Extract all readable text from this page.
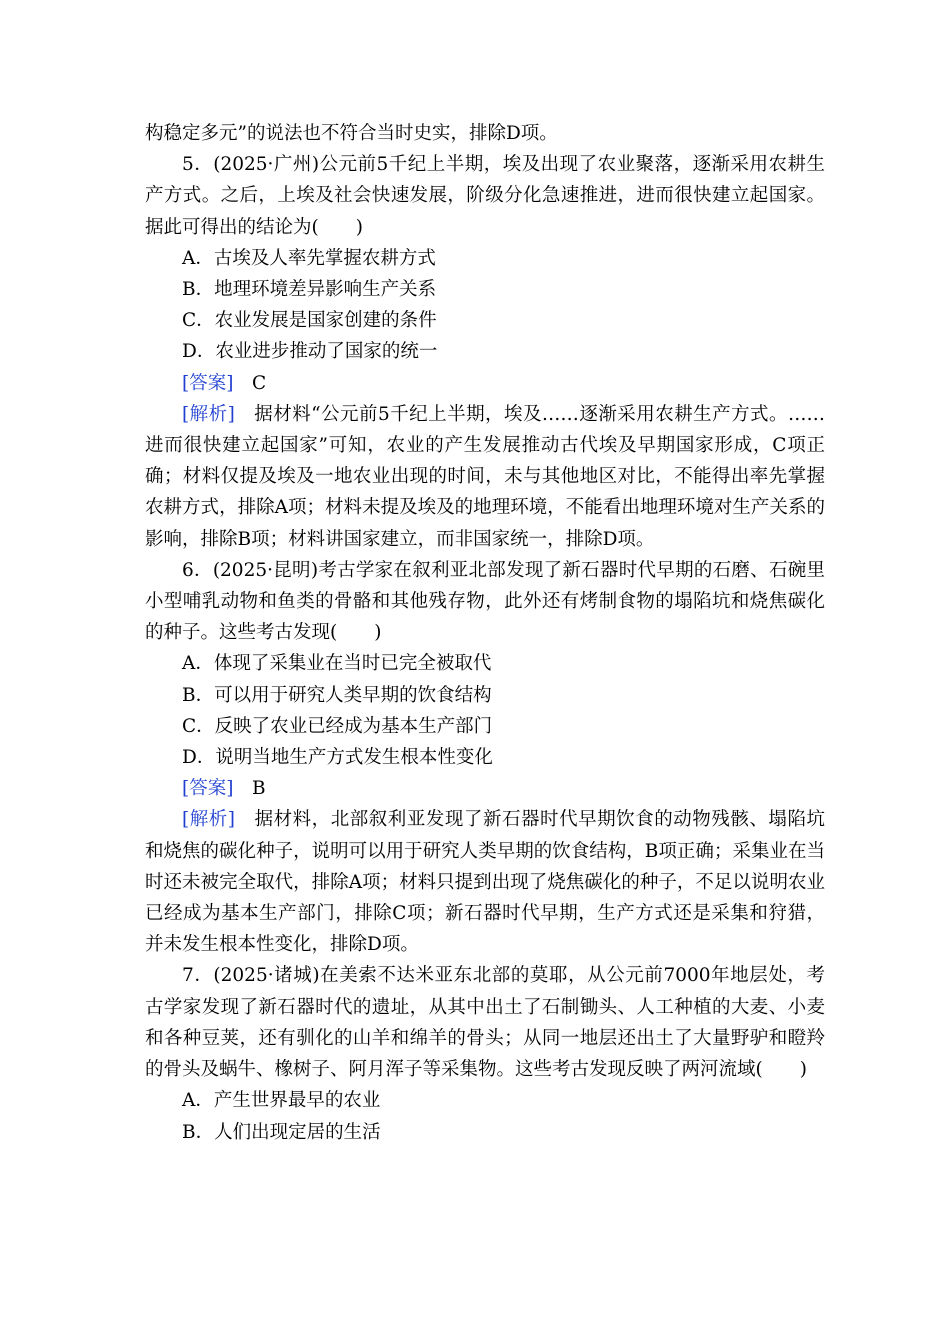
构稳定多元”的说法也不符合当时史实，排除D项。

5．(2025·广州)公元前5千纪上半期，埃及出现了农业聚落，逐渐采用农耕生产方式。之后，上埃及社会快速发展，阶级分化急速推进，进而很快建立起国家。据此可得出的结论为(　　)

A．古埃及人率先掌握农耕方式

B．地理环境差异影响生产关系

C．农业发展是国家创建的条件

D．农业进步推动了国家的统一

[答案]　 C

[解析]　 据材料“公元前5千纪上半期，埃及……逐渐采用农耕生产方式。……进而很快建立起国家”可知，农业的产生发展推动古代埃及早期国家形成，C项正确；材料仅提及埃及一地农业出现的时间，未与其他地区对比，不能得出率先掌握农耕方式，排除A项；材料未提及埃及的地理环境，不能看出地理环境对生产关系的影响，排除B项；材料讲国家建立，而非国家统一，排除D项。

6．(2025·昆明)考古学家在叙利亚北部发现了新石器时代早期的石磨、石碗里小型哺乳动物和鱼类的骨骼和其他残存物，此外还有烤制食物的塌陷坑和烧焦碳化的种子。这些考古发现(　　)

A．体现了采集业在当时已完全被取代

B．可以用于研究人类早期的饮食结构

C．反映了农业已经成为基本生产部门

D．说明当地生产方式发生根本性变化

[答案]　 B

[解析]　 据材料，北部叙利亚发现了新石器时代早期饮食的动物残骸、塌陷坑和烧焦的碳化种子，说明可以用于研究人类早期的饮食结构，B项正确；采集业在当时还未被完全取代，排除A项；材料只提到出现了烧焦碳化的种子，不足以说明农业已经成为基本生产部门，排除C项；新石器时代早期，生产方式还是采集和狩猎，并未发生根本性变化，排除D项。

7．(2025·诸城)在美索不达米亚东北部的莫耶，从公元前7000年地层处，考古学家发现了新石器时代的遗址，从其中出土了石制锄头、人工种植的大麦、小麦和各种豆荚，还有驯化的山羊和绵羊的骨头；从同一地层还出土了大量野驴和瞪羚的骨头及蜗牛、橡树子、阿月浑子等采集物。这些考古发现反映了两河流域(　　)

A．产生世界最早的农业

B．人们出现定居的生活
